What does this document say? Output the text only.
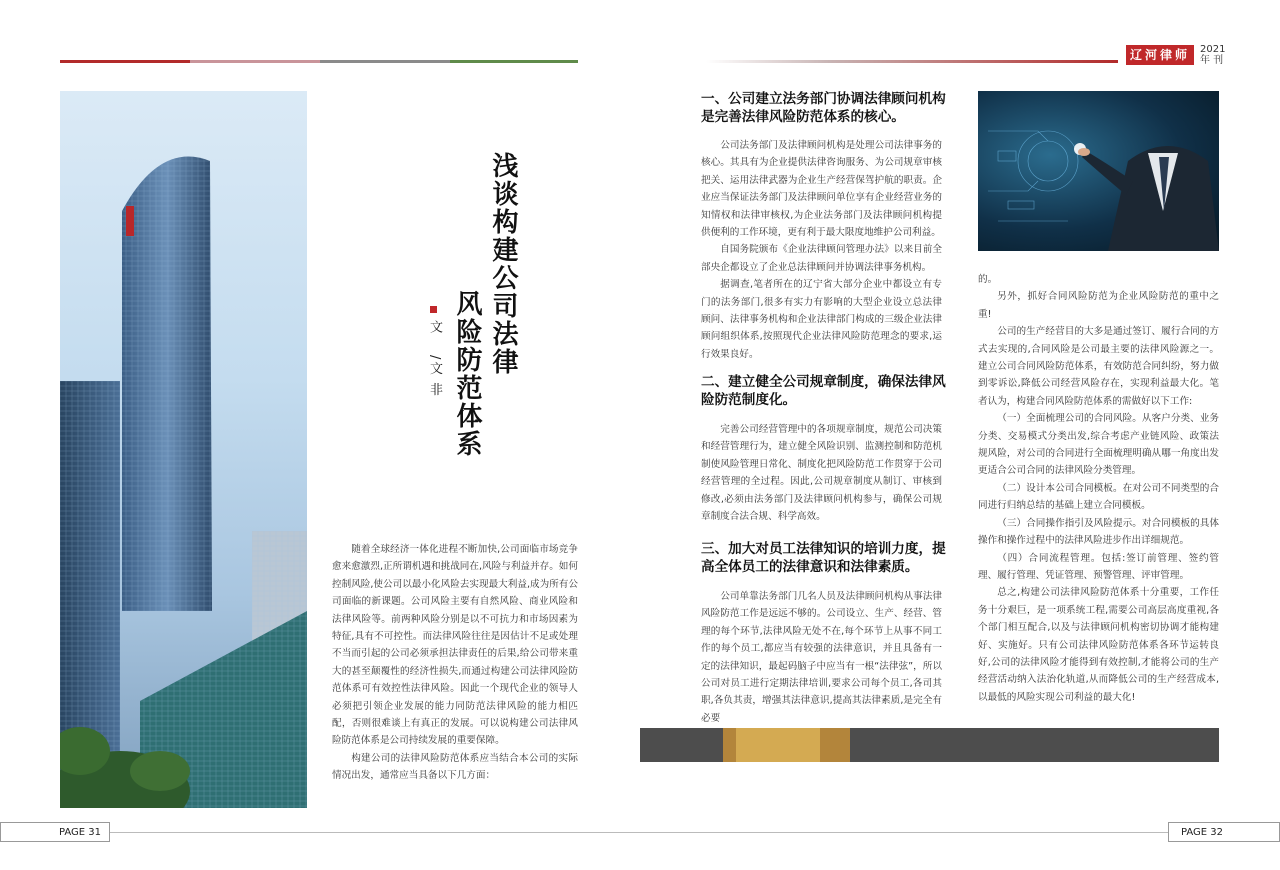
辽河律师	2021
年 刊
浅谈构建公司法律
风险防范体系
文
/文 非

随着全球经济一体化进程不断加快,公司面临市场竞争愈来愈激烈,正所谓机遇和挑战同在,风险与利益并存。如何控制风险,使公司以最小化风险去实现最大利益,成为所有公司面临的新课题。公司风险主要有自然风险、商业风险和法律风险等。前两种风险分别是以不可抗力和市场因素为特征,具有不可控性。而法律风险往往是因估计不足或处理不当而引起的公司必须承担法律责任的后果,给公司带来重大的甚至颠覆性的经济性损失,而通过构建公司法律风险防范体系可有效控性法律风险。因此一个现代企业的领导人必须把引领企业发展的能力同防范法律风险的能力相匹配，否则很难谈上有真正的发展。可以说构建公司法律风险防范体系是公司持续发展的重要保障。

构建公司的法律风险防范体系应当结合本公司的实际情况出发，通常应当具备以下几方面：

一、公司建立法务部门协调法律顾问机构是完善法律风险防范体系的核心。

公司法务部门及法律顾问机构是处理公司法律事务的核心。其具有为企业提供法律咨询服务、为公司规章审核把关、运用法律武器为企业生产经营保驾护航的职责。企业应当保证法务部门及法律顾问单位享有企业经营业务的知情权和法律审核权,为企业法务部门及法律顾问机构提供便利的工作环境，更有利于最大限度地维护公司利益。

自国务院颁布《企业法律顾问管理办法》以来目前全部央企都设立了企业总法律顾问并协调法律事务机构。

据调查,笔者所在的辽宁省大部分企业中都设立有专门的法务部门,很多有实力有影响的大型企业设立总法律顾问、法律事务机构和企业法律部门构成的三级企业法律顾问组织体系,按照现代企业法律风险防范理念的要求,运行效果良好。

二、建立健全公司规章制度，确保法律风险防范制度化。

完善公司经营管理中的各项规章制度，规范公司决策和经营管理行为，建立健全风险识别、监测控制和防范机制使风险管理日常化、制度化把风险防范工作贯穿于公司经营管理的全过程。因此,公司规章制度从制订、审核到修改,必须由法务部门及法律顾问机构参与，确保公司规章制度合法合规、科学高效。

三、加大对员工法律知识的培训力度，提高全体员工的法律意识和法律素质。

公司单靠法务部门几名人员及法律顾问机构从事法律风险防范工作是远远不够的。公司设立、生产、经营、管理的每个环节,法律风险无处不在,每个环节上从事不同工作的每个员工,都应当有较强的法律意识，并且具备有一定的法律知识，最起码脑子中应当有一根“法律弦”，所以公司对员工进行定期法律培训,要求公司每个员工,各司其职,各负其责，增强其法律意识,提高其法律素质,是完全有必要

的。

另外，抓好合同风险防范为企业风险防范的重中之重!

公司的生产经营目的大多是通过签订、履行合同的方式去实现的,合同风险是公司最主要的法律风险源之一。建立公司合同风险防范体系，有效防范合同纠纷，努力做到零诉讼,降低公司经营风险存在，实现利益最大化。笔者认为，构建合同风险防范体系的需做好以下工作:

（一）全面梳理公司的合同风险。从客户分类、业务分类、交易模式分类出发,综合考虑产业链风险、政策法规风险，对公司的合同进行全面梳理明确从哪一角度出发更适合公司合同的法律风险分类管理。

（二）设计本公司合同模板。在对公司不同类型的合同进行归纳总结的基础上建立合同模板。

（三）合同操作指引及风险提示。对合同模板的具体操作和操作过程中的法律风险进步作出详细规范。

（四）合同流程管理。包括:签订前管理、签约管理、履行管理、凭证管理、预警管理、评审管理。

总之,构建公司法律风险防范体系十分重要，工作任务十分艰巨，是一项系统工程,需要公司高层高度重视,各个部门相互配合,以及与法律顾问机构密切协调才能构建好、实施好。只有公司法律风险防范体系各环节运转良好,公司的法律风险才能得到有效控制,才能将公司的生产经营活动纳入法治化轨道,从而降低公司的生产经营成本,以最低的风险实现公司利益的最大化!

PAGE 31	PAGE 32
